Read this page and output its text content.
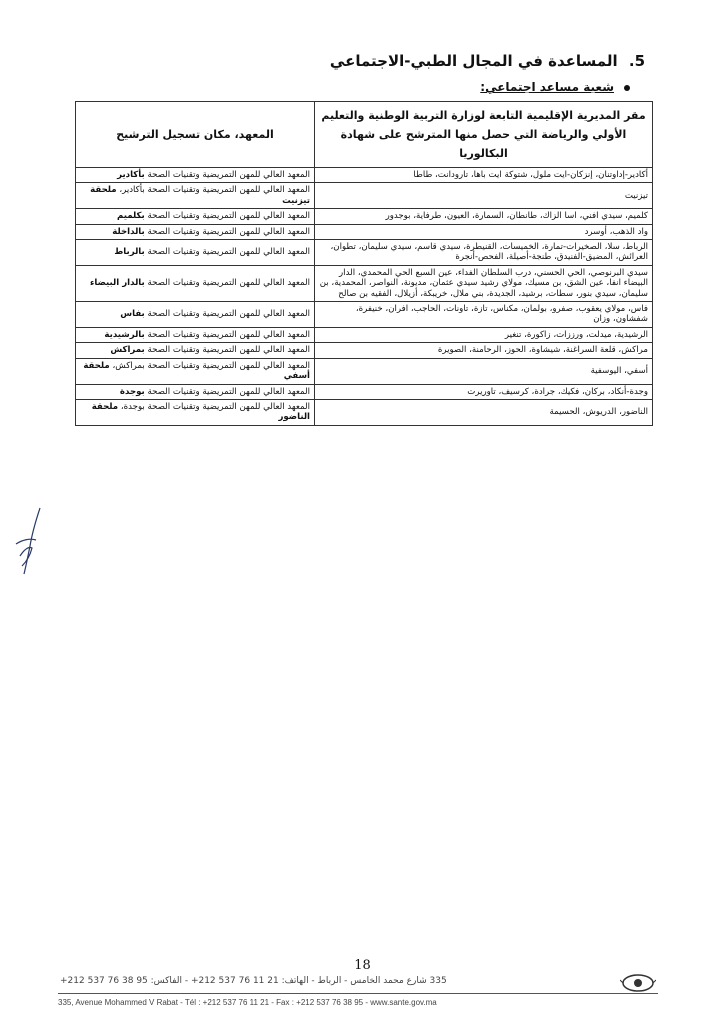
5. المساعدة في المجال الطبي-الاجتماعي
شعبة مساعد اجتماعي:
مقر المديرية الإقليمية التابعة لوزارة التربية الوطنية والتعليم الأولي والرياضة التي حصل منها المترشح على شهادة البكالوريا	المعهد، مكان تسجيل الترشيح
أكادير-إداوتنان، إنزكان-ايت ملول، شتوكة ايت باها، تارودانت، طاطا	المعهد العالي للمهن التمريضية وتقنيات الصحة بأكادير
تيزنيت	المعهد العالي للمهن التمريضية وتقنيات الصحة بأكادير، ملحقة تيزنيت
كلميم، سيدي افني، اسا الزاك، طانطان، السمارة، العيون، طرفاية، بوجدور	المعهد العالي للمهن التمريضية وتقنيات الصحة بكلميم
واد الذهب، أوسرد	المعهد العالي للمهن التمريضية وتقنيات الصحة بالداخلة
الرباط، سلا، الصخيرات-تمارة، الخميسات، القنيطرة، سيدي قاسم، سيدي سليمان، تطوان، العرائش، المضيق-الفنيدق، طنجة-أصيلة، الفحص-أنجرة	المعهد العالي للمهن التمريضية وتقنيات الصحة بالرباط
سيدي البرنوصي، الحي الحسني، درب السلطان الفداء، عين السبع الحي المحمدي، الدار البيضاء انفا، عين الشق، بن مسيك، مولاي رشيد سيدي عثمان، مديونة، النواصر، المحمدية، بن سليمان، سيدي بنور، سطات، برشيد، الجديدة، بني ملال، خريبكة، أزيلال، الفقيه بن صالح	المعهد العالي للمهن التمريضية وتقنيات الصحة بالدار البيضاء
فاس، مولاي يعقوب، صفرو، بولمان، مكناس، تازة، تاونات، الحاجب، افران، خنيفرة، شفشاون، وزان	المعهد العالي للمهن التمريضية وتقنيات الصحة بفاس
الرشيدية، ميدلت، ورززات، زاكورة، تنغير	المعهد العالي للمهن التمريضية وتقنيات الصحة بالرشيدية
مراكش، قلعة السراغنة، شيشاوة، الحوز، الرحامنة، الصويرة	المعهد العالي للمهن التمريضية وتقنيات الصحة بمراكش
أسفي، اليوسفية	المعهد العالي للمهن التمريضية وتقنيات الصحة بمراكش، ملحقة أسفي
وجدة-أنكاد، بركان، فكيك، جرادة، كرسيف، تاوريرت	المعهد العالي للمهن التمريضية وتقنيات الصحة بوجدة
الناضور، الدريوش، الحسيمة	المعهد العالي للمهن التمريضية وتقنيات الصحة بوجدة، ملحقة الناضور
18
335 شارع محمد الخامس - الرباط - الهاتف: 21 11 76 537 212+ - الفاكس: 95 38 76 537 212+
335, Avenue Mohammed V Rabat - Tél : +212 537 76 11 21 - Fax : +212 537 76 38 95 - www.sante.gov.ma
